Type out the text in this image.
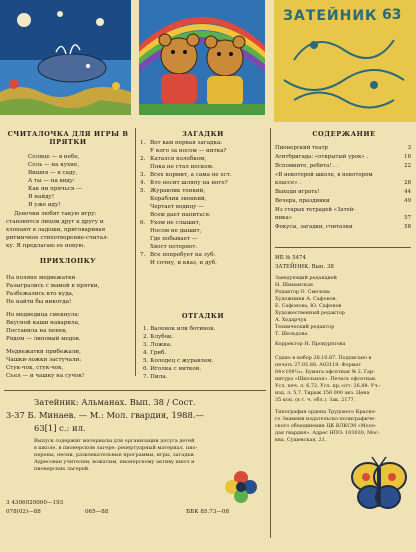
ЗАТЕЙНИК 63
СЧИТАЛОЧКА ДЛЯ ИГРЫ В ПРЯТКИ
Солнце — в небе,
Соль — на кухне,
Вишня — в саду,
А ты — на виду:
Как ни прячься —
Я найду!
Я уже иду!
Девочки любят такую игру:
становятся лицом друг к другу и
хлопают в ладоши, приговаривая
ритмичное стихотворение-считал-
ку. Я предлагаю ее новую.
ПРИХЛОПКУ
На поляне медвежатки
Разыгрались с мамой в прятки,
Разбежались кто куда,
Не найти бы никогда!
Но медведица смекнула:
Вкусной каши наварила,
Поставила на пенек,
Рядом — липовый медок.
Медвежатки прибежали,
Чашки-ложки застучали:
Стук-чок, стук-чок,
Съел — и чашку на сучок!
ЗАГАДКИ
1. Вот вам первая загадка:
У кого за носом — нитка?
2. Катался колобком,
Пока не стал носком.
3. Всех кормит, а сама не ест.
4. Кто носит шляпу на ноге?
5. Журавлик тонкий,
Кораблик звонкий,
Чертает водицу —
Всем дает напиться.
6. Ухом не слышит,
Носом не дышит,
Где побывает —
Хвост потеряет.
7. Все попробует на зуб:
И сочну, и кваз, и дуб.
ОТГАДКИ
1. Валенок или ботинок.
2. Клубок.
3. Ложка.
4. Гриб.
5. Колодец с журавлем.
6. Иголка с ниткой.
7. Пила.
СОДЕРЖАНИЕ
Пионерский театр	3
Агитбригада: «открытый урок» .	16
Вспомните, ребята! . .	22
«В некоторой школе, в некотором
классе» .	28
Выходи играть!	44
Вечера, праздники	49
Из старых тетрадей «Затей-
ника»	57
Фокусы, загадки, считалки	58
ИБ № 5474
ЗАТЕЙНИК. Вып. 38
Заведующий редакцией
Н. Шиманская
Редактор О. Смелова
Художники А. Сафонов,
Е. Сафонова, Ю. Сафонов
Художественный редактор
А. Ходарчук
Технический редактор
Т. Шельдова
Корректор Н. Прокурятова
Сдано в набор 28.10.87. Подписано в
печать 27.05.88. А03119. Формат
84×108¹/₃₂. Бумага офсетная № 2. Гар-
нитура «Школьная». Печать офсетная.
Усл. печ. л. 6,72. Усл. кр.-отт. 26,88. Уч.-
изд. л. 5,7. Тираж 150 000 экз. Цена
35 коп. (в т. ч. обл.). Зак. 2177.
Типография ордена Трудового Красно-
го Знамени издательско-полиграфиче-
ского объединения ЦК ВЛКСМ «Моло-
дая гвардия». Адрес НПО: 103030, Мос-
ква, Сущевская, 21.
Затейник: Альманах. Вып. 38 / Сост.
3-37 Б. Минаев. — М.: Мол. гвардия, 1988.—
63[1] с.: ил.
Выпуск содержит материалы для организации досуга детей
в школе, в пионерском лагере: репертуарный материал, пио-
перены, песни, развлекательные программы, игры, загадки.
Адресован учителям, вожатым, пионерскому активу школ и
пионерских лагерей.
3 4306020000—193
078(02)—88	065—88	ББК 85.73—08
